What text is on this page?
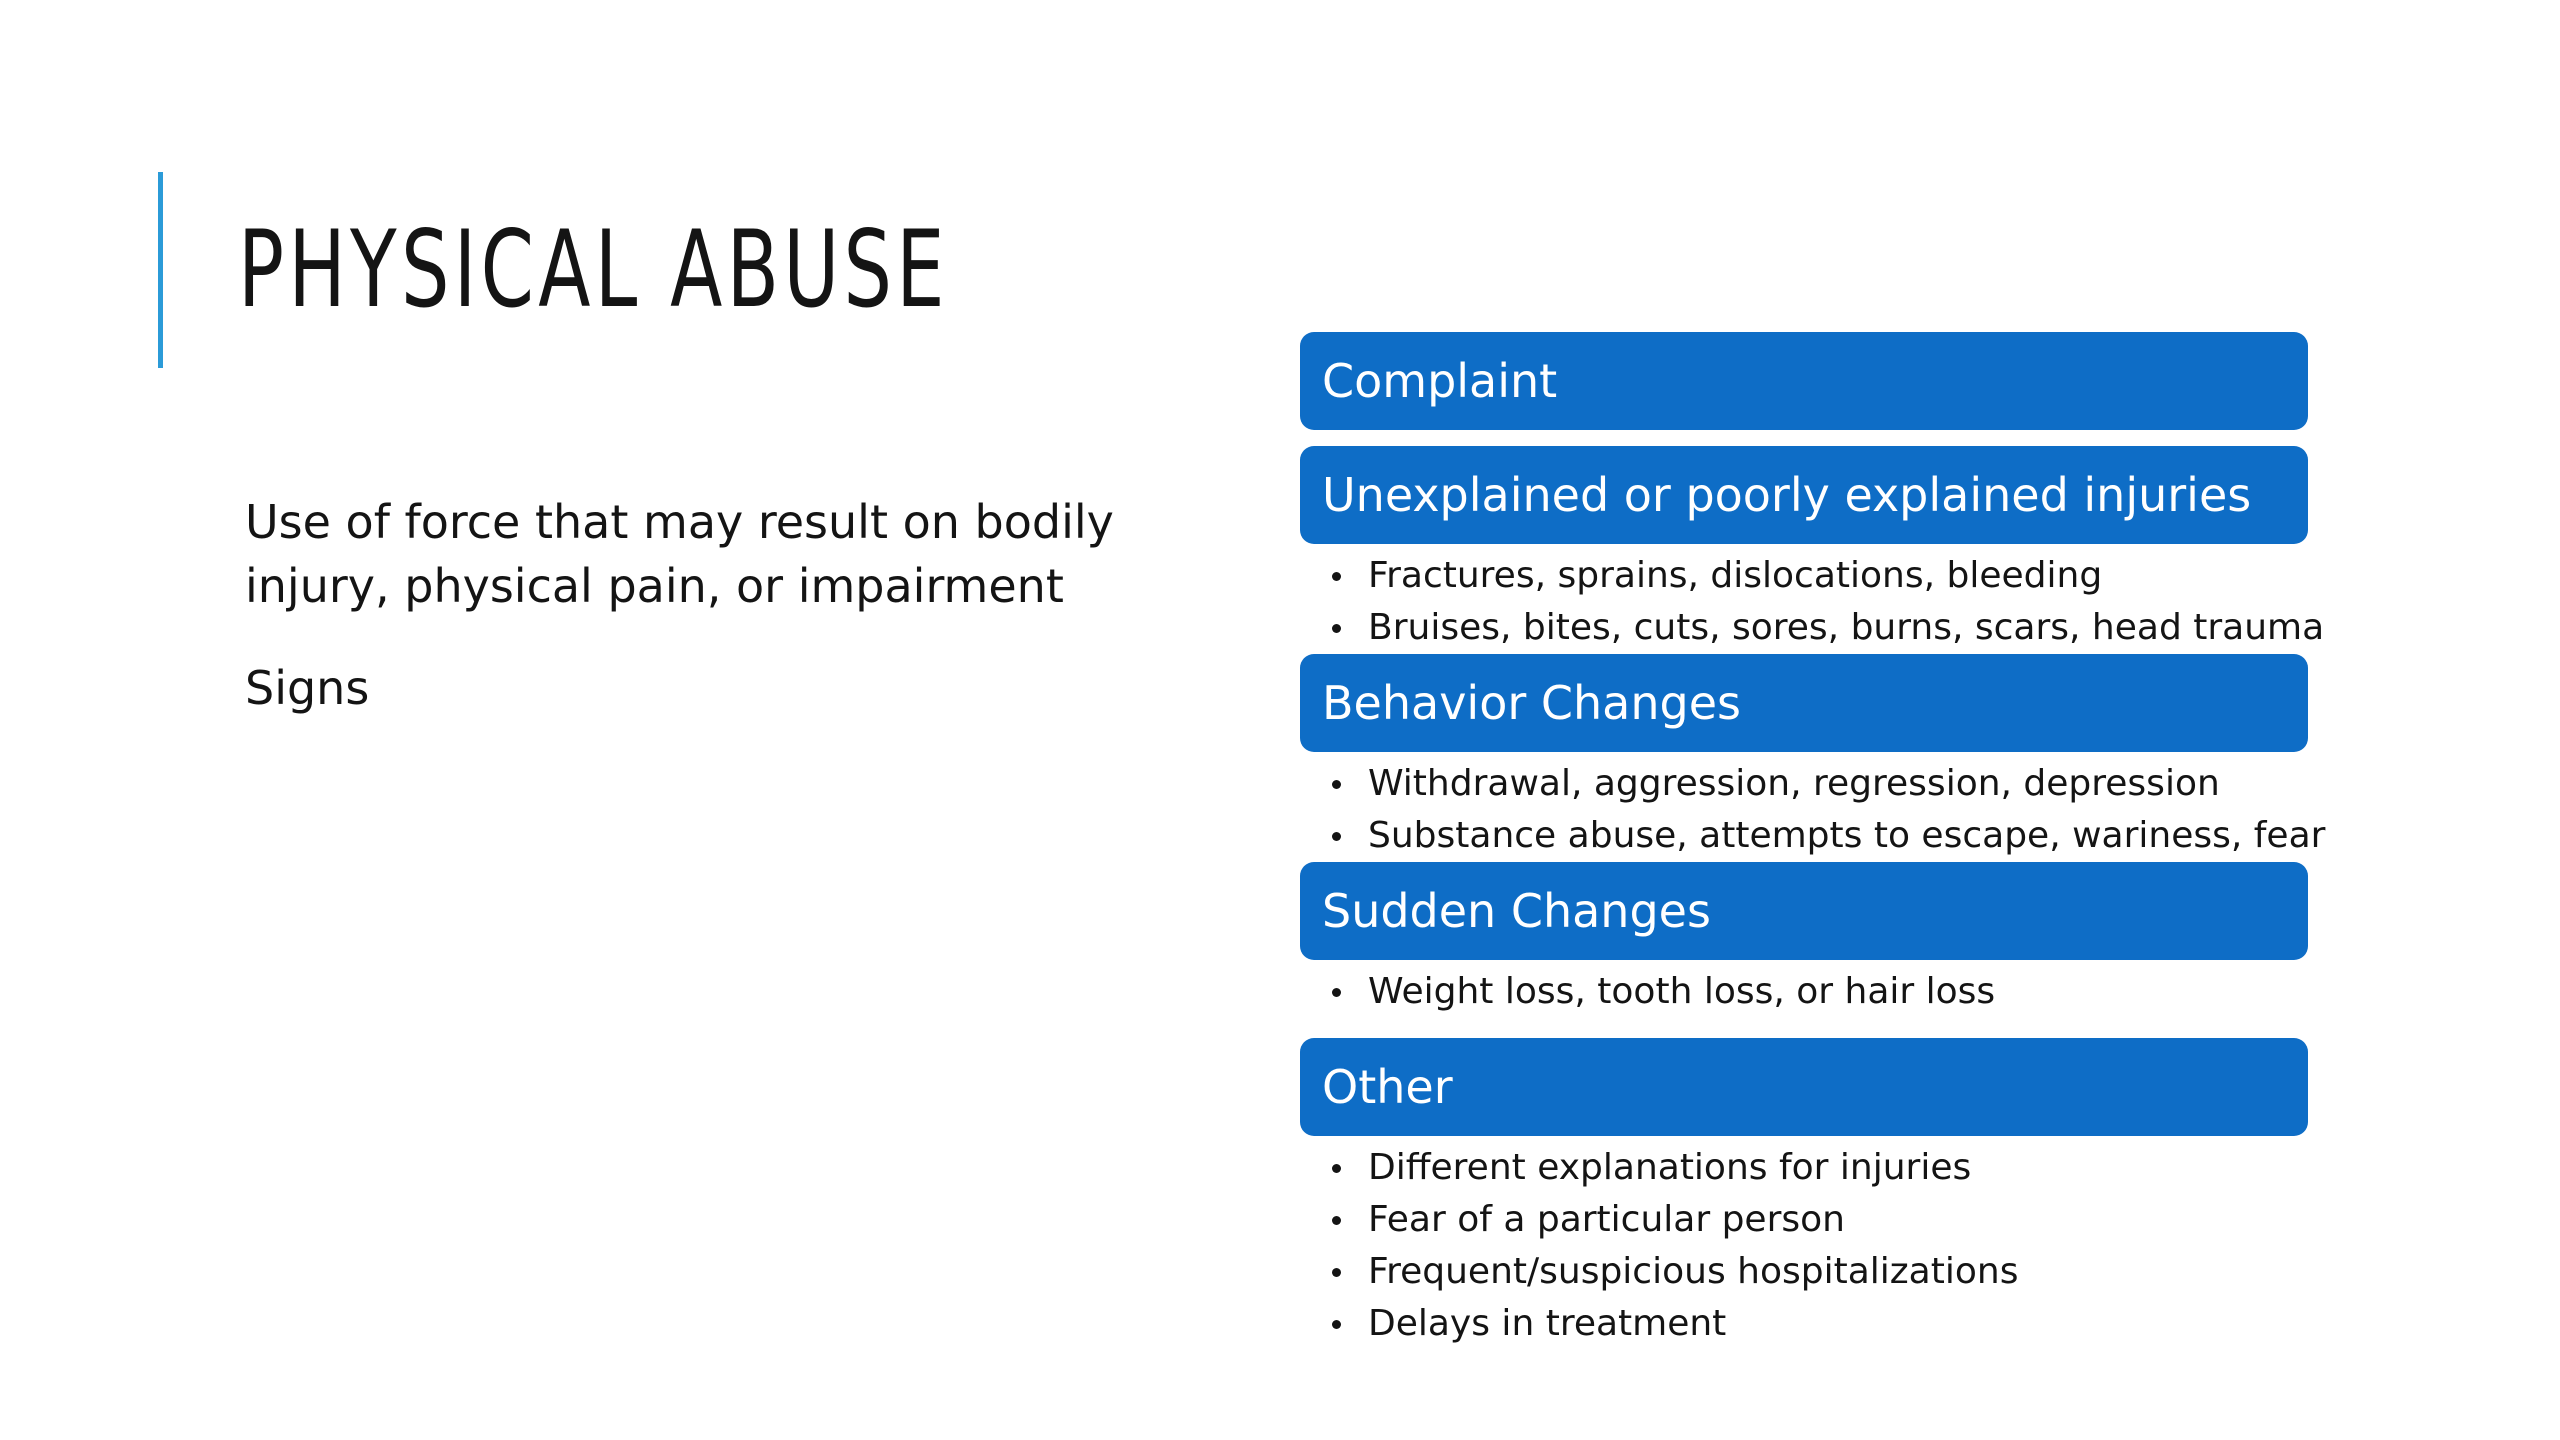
PHYSICAL ABUSE

Use of force that may result on bodily injury, physical pain, or impairment

Signs

Complaint
Unexplained or poorly explained injuries
Fractures, sprains, dislocations, bleeding
Bruises, bites, cuts, sores, burns, scars, head trauma
Behavior Changes
Withdrawal, aggression, regression, depression
Substance abuse, attempts to escape, wariness, fear
Sudden Changes
Weight loss, tooth loss, or hair loss
Other
Different explanations for injuries
Fear of a particular person
Frequent/suspicious hospitalizations
Delays in treatment
